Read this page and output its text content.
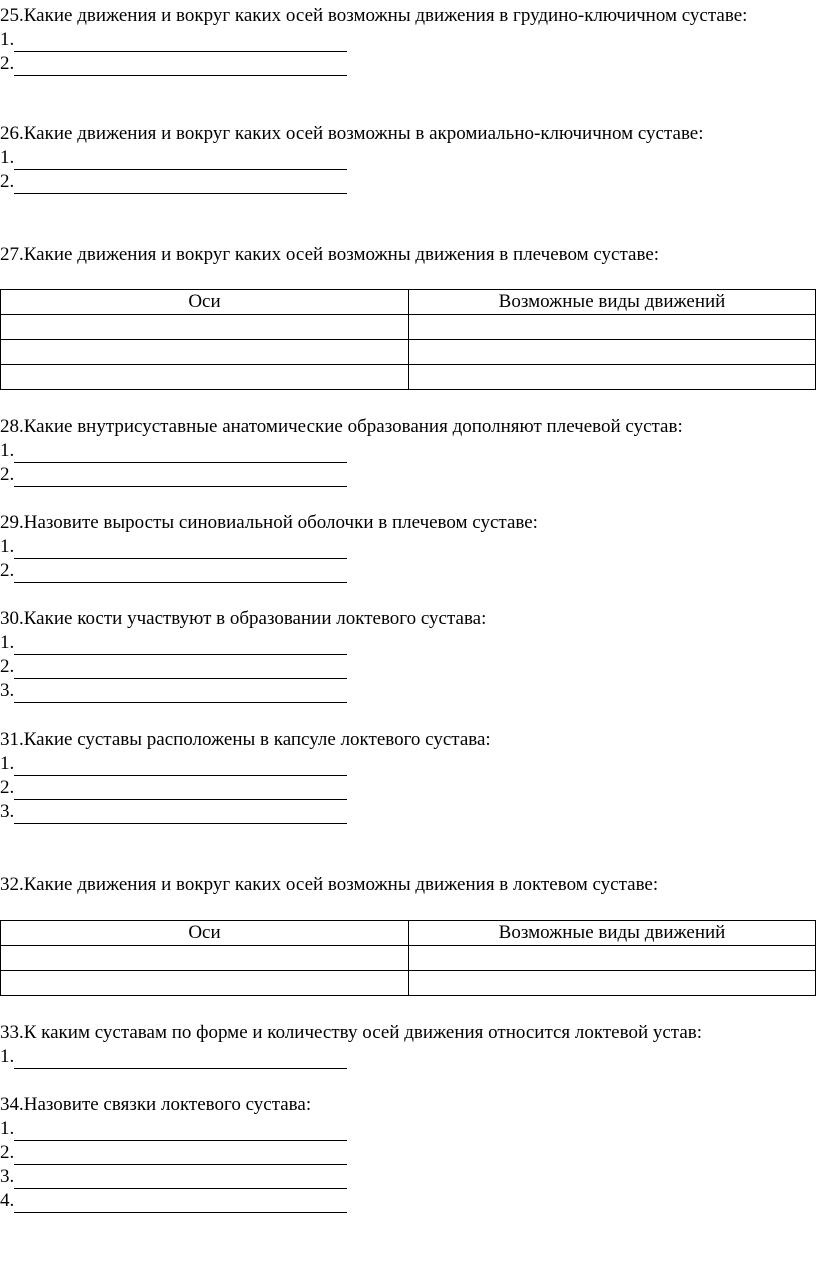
25.Какие движения и вокруг каких осей возможны движения в грудино-ключичном суставе:
1.
2.
26.Какие движения и вокруг каких осей возможны в акромиально-ключичном суставе:
1.
2.
27.Какие движения и вокруг каких осей возможны движения в плечевом суставе:
Оси	Возможные виды движений

28.Какие внутрисуставные анатомические образования дополняют плечевой сустав:
1.
2.
29.Назовите выросты синовиальной оболочки в плечевом суставе:
1.
2.
30.Какие кости участвуют в образовании локтевого сустава:
1.
2.
3.
31.Какие суставы расположены в капсуле локтевого сустава:
1.
2.
3.
32.Какие движения и вокруг каких осей возможны движения в локтевом суставе:
Оси	Возможные виды движений

33.К каким суставам по форме и количеству осей движения относится локтевой устав:
1.
34.Назовите связки локтевого сустава:
1.
2.
3.
4.
